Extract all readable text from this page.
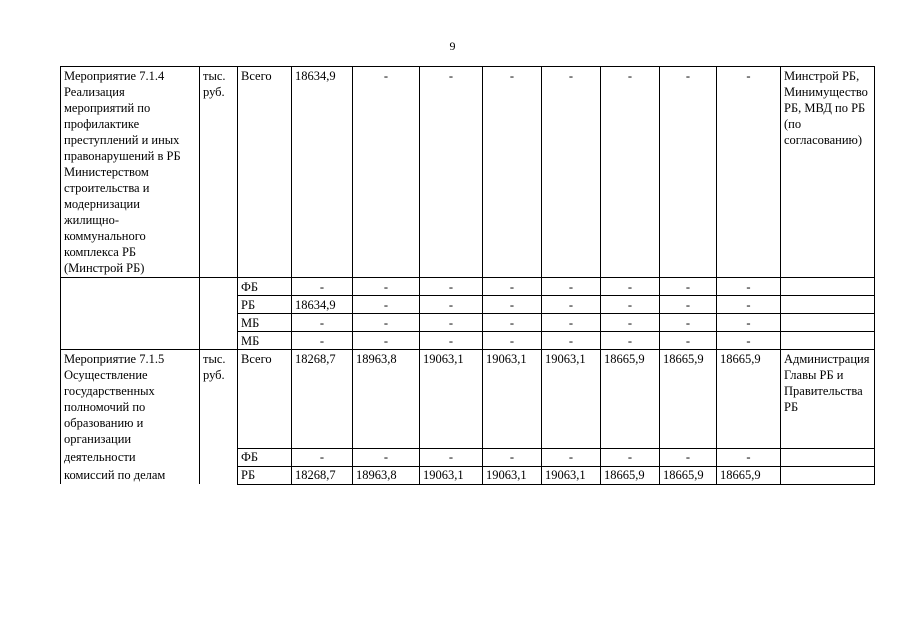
9
Мероприятие 7.1.4 Реализация мероприятий по профилактике преступлений и иных правонарушений в РБ Министерством строительства и модернизации жилищно-коммунального комплекса РБ (Минстрой РБ)	тыс. руб.	Всего	18634,9	-	-	-	-	-	-	-	Минстрой РБ, Минимущество РБ, МВД по РБ (по согласованию)
		ФБ	-	-	-	-	-	-	-	-	
		РБ	18634,9	-	-	-	-	-	-	-	
		МБ	-	-	-	-	-	-	-	-	
		МБ	-	-	-	-	-	-	-	-	
Мероприятие 7.1.5 Осуществление государственных полномочий по образованию и организации	тыс. руб.	Всего	18268,7	18963,8	19063,1	19063,1	19063,1	18665,9	18665,9	18665,9	Администрация Главы РБ и Правительства РБ
деятельности		ФБ	-	-	-	-	-	-	-	-	
комиссий по делам		РБ	18268,7	18963,8	19063,1	19063,1	19063,1	18665,9	18665,9	18665,9	
